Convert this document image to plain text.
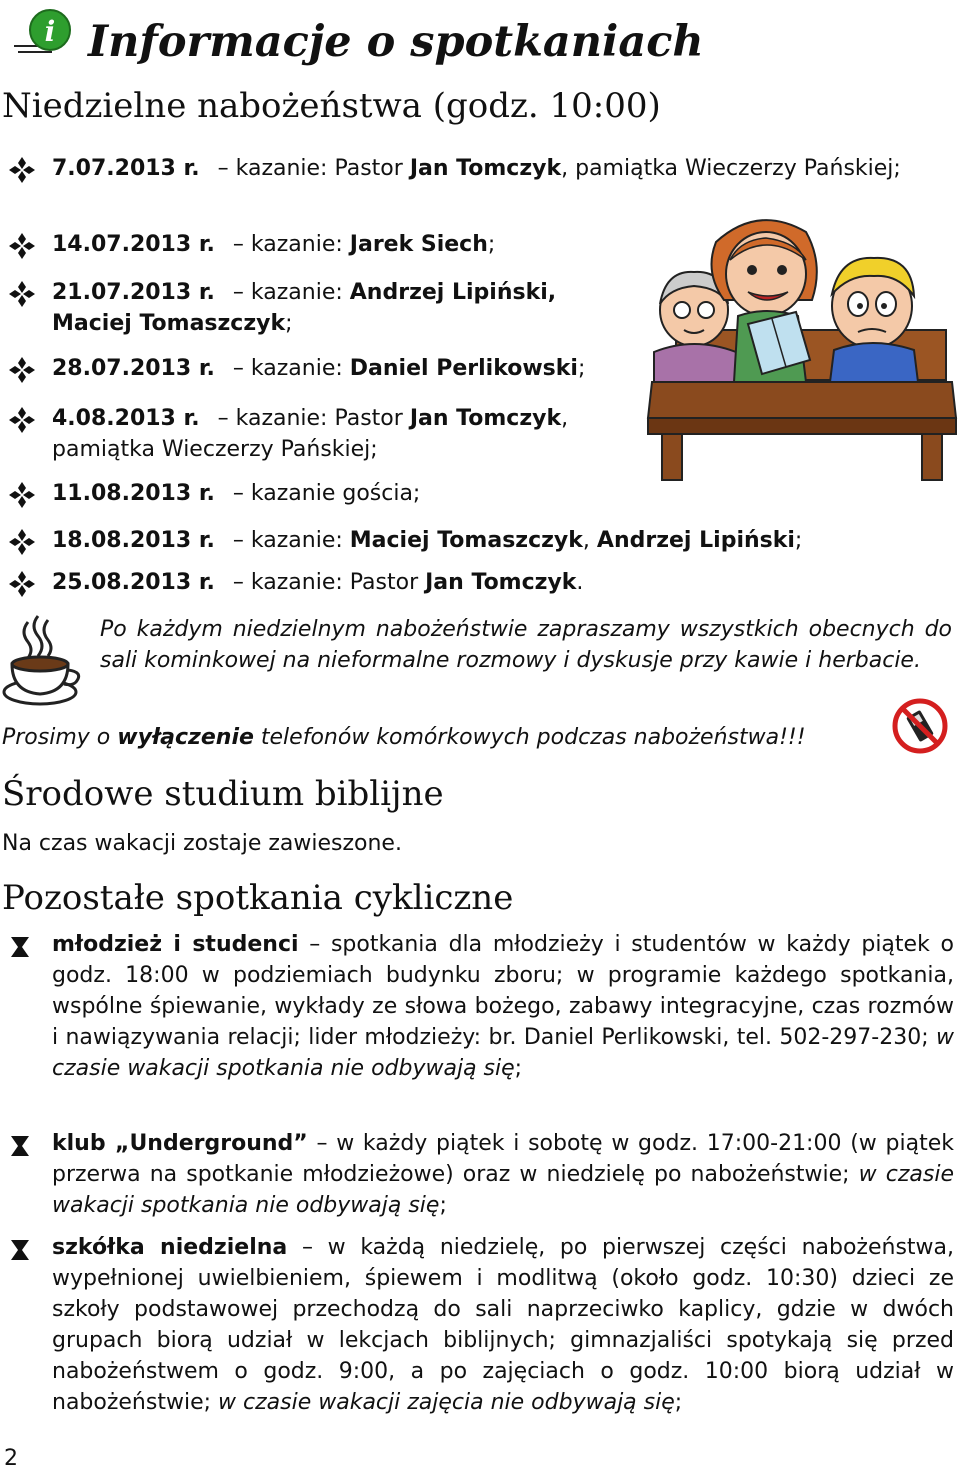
i Informacje o spotkaniach
Niedzielne nabożeństwa (godz. 10:00)
7.07.2013 r. – kazanie: Pastor Jan Tomczyk, pamiątka Wieczerzy Pańskiej;
14.07.2013 r. – kazanie: Jarek Siech;
21.07.2013 r. – kazanie: Andrzej Lipiński, Maciej Tomaszczyk;
28.07.2013 r. – kazanie: Daniel Perlikowski;
4.08.2013 r. – kazanie: Pastor Jan Tomczyk, pamiątka Wieczerzy Pańskiej;
11.08.2013 r. – kazanie gościa;
18.08.2013 r. – kazanie: Maciej Tomaszczyk, Andrzej Lipiński;
25.08.2013 r. – kazanie: Pastor Jan Tomczyk.
Po każdym niedzielnym nabożeństwie zapraszamy wszystkich obecnych do sali kominkowej na nieformalne rozmowy i dyskusje przy kawie i herbacie.
Prosimy o wyłączenie telefonów komórkowych podczas nabożeństwa!!!
Środowe studium biblijne
Na czas wakacji zostaje zawieszone.
Pozostałe spotkania cykliczne
młodzież i studenci – spotkania dla młodzieży i studentów w każdy piątek o godz. 18:00 w podziemiach budynku zboru; w programie każdego spotkania, wspólne śpiewanie, wykłady ze słowa bożego, zabawy integracyjne, czas rozmów i nawiązywania relacji; lider młodzieży: br. Daniel Perlikowski, tel. 502-297-230; w czasie wakacji spotkania nie odbywają się;
klub „Underground” – w każdy piątek i sobotę w godz. 17:00-21:00 (w piątek przerwa na spotkanie młodzieżowe) oraz w niedzielę po nabożeństwie; w czasie wakacji spotkania nie odbywają się;
szkółka niedzielna – w każdą niedzielę, po pierwszej części nabożeństwa, wypełnionej uwielbieniem, śpiewem i modlitwą (około godz. 10:30) dzieci ze szkoły podstawowej przechodzą do sali naprzeciwko kaplicy, gdzie w dwóch grupach biorą udział w lekcjach biblijnych; gimnazjaliści spotykają się przed nabożeństwem o godz. 9:00, a po zajęciach o godz. 10:00 biorą udział w nabożeństwie; w czasie wakacji zajęcia nie odbywają się;
2
